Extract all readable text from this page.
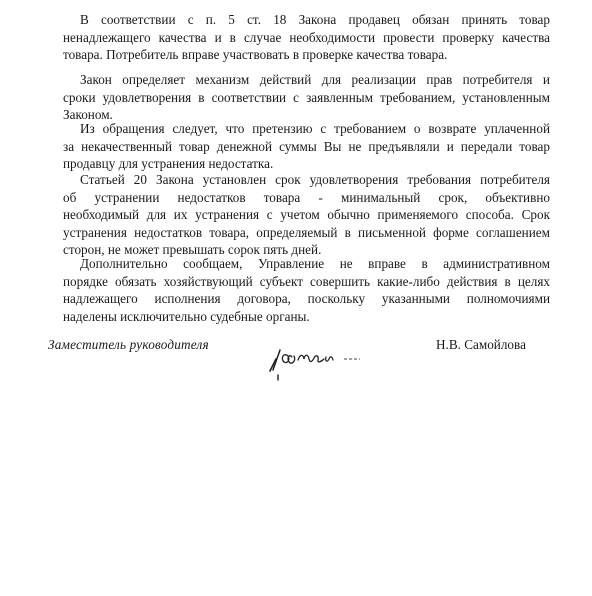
В соответствии с п. 5 ст. 18 Закона продавец обязан принять товар
ненадлежащего качества и в случае необходимости провести проверку качества
товара. Потребитель вправе участвовать в проверке качества товара.

Закон определяет механизм действий для реализации прав потребителя и
сроки удовлетворения в соответствии с заявленным требованием, установленным
Законом.

Из обращения следует, что претензию с требованием о возврате уплаченной
за некачественный товар денежной суммы Вы не предъявляли и передали товар
продавцу для устранения недостатка.

Статьей 20 Закона установлен срок удовлетворения требования потребителя
об устранении недостатков товара - минимальный срок, объективно
необходимый для их устранения с учетом обычно применяемого способа. Срок
устранения недостатков товара, определяемый в письменной форме соглашением
сторон, не может превышать сорок пять дней.

Дополнительно сообщаем, Управление не вправе в административном
порядке обязать хозяйствующий субъект совершить какие-либо действия в целях
надлежащего исполнения договора, поскольку указанными полномочиями
наделены исключительно судебные органы.

Заместитель руководителя	Н.В. Самойлова
